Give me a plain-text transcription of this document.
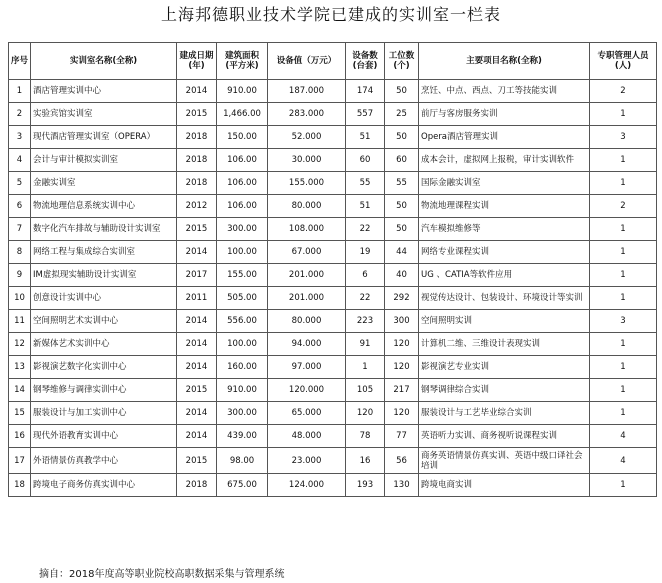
上海邦德职业技术学院已建成的实训室一栏表
序号	实训室名称(全称)	建成日期(年)	建筑面积(平方米)	设备值（万元）	设备数(台套)	工位数(个)	主要项目名称(全称)	专职管理人员(人)
1	酒店管理实训中心	2014	910.00	187.000	174	50	烹饪、中点、西点、刀工等技能实训	2
2	实验宾馆实训室	2015	1,466.00	283.000	557	25	前厅与客房服务实训	1
3	现代酒店管理实训室（OPERA）	2018	150.00	52.000	51	50	Opera酒店管理实训	3
4	会计与审计模拟实训室	2018	106.00	30.000	60	60	成本会计，虚拟网上报税，审计实训软件	1
5	金融实训室	2018	106.00	155.000	55	55	国际金融实训室	1
6	物流地理信息系统实训中心	2012	106.00	80.000	51	50	物流地理课程实训	2
7	数字化汽车排故与辅助设计实训室	2015	300.00	108.000	22	50	汽车模拟维修等	1
8	网络工程与集成综合实训室	2014	100.00	67.000	19	44	网络专业课程实训	1
9	IM虚拟现实辅助设计实训室	2017	155.00	201.000	6	40	UG 、CATIA等软件应用	1
10	创意设计实训中心	2011	505.00	201.000	22	292	视觉传达设计、包装设计、环境设计等实训	1
11	空间照明艺术实训中心	2014	556.00	80.000	223	300	空间照明实训	3
12	新媒体艺术实训中心	2014	100.00	94.000	91	120	计算机二维、三维设计表现实训	1
13	影视演艺数字化实训中心	2014	160.00	97.000	1	120	影视演艺专业实训	1
14	钢琴维修与调律实训中心	2015	910.00	120.000	105	217	钢琴调律综合实训	1
15	服装设计与加工实训中心	2014	300.00	65.000	120	120	服装设计与工艺毕业综合实训	1
16	现代外语教育实训中心	2014	439.00	48.000	78	77	英语听力实训、商务视听说课程实训	4
17	外语情景仿真教学中心	2015	98.00	23.000	16	56	商务英语情景仿真实训、英语中级口译社会培训	4
18	跨境电子商务仿真实训中心	2018	675.00	124.000	193	130	跨境电商实训	1
摘自：2018年度高等职业院校高职数据采集与管理系统
